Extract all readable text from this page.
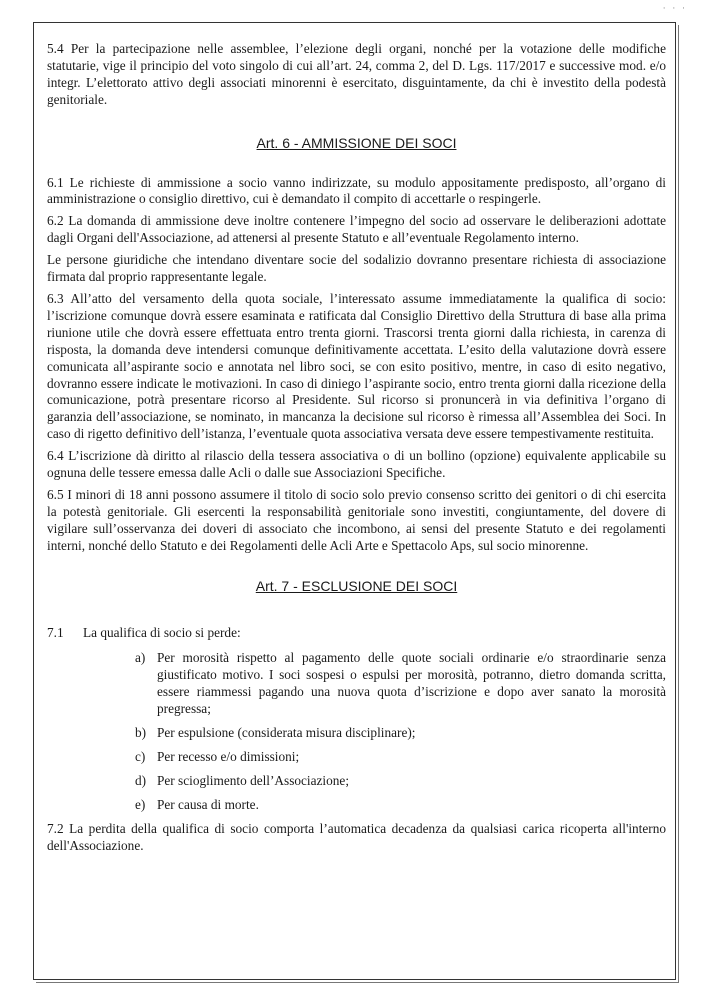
· · ·

5.4 Per la partecipazione nelle assemblee, l’elezione degli organi, nonché per la votazione delle modifiche statutarie, vige il principio del voto singolo di cui all’art. 24, comma 2, del D. Lgs. 117/2017 e successive mod. e/o integr. L’elettorato attivo degli associati minorenni è esercitato, disguintamente, da chi è investito della podestà genitoriale.

Art. 6 - AMMISSIONE DEI SOCI

6.1 Le richieste di ammissione a socio vanno indirizzate, su modulo appositamente predisposto, all’organo di amministrazione o consiglio direttivo, cui è demandato il compito di accettarle o respingerle.

6.2 La domanda di ammissione deve inoltre contenere l’impegno del socio ad osservare le deliberazioni adottate dagli Organi dell'Associazione, ad attenersi al presente Statuto e all’eventuale Regolamento interno.

Le persone giuridiche che intendano diventare socie del sodalizio dovranno presentare richiesta di associazione firmata dal proprio rappresentante legale.

6.3 All’atto del versamento della quota sociale, l’interessato assume immediatamente la qualifica di socio: l’iscrizione comunque dovrà essere esaminata e ratificata dal Consiglio Direttivo della Struttura di base alla prima riunione utile che dovrà essere effettuata entro trenta giorni. Trascorsi trenta giorni dalla richiesta, in carenza di risposta, la domanda deve intendersi comunque definitivamente accettata. L’esito della valutazione dovrà essere comunicata all’aspirante socio e annotata nel libro soci, se con esito positivo, mentre, in caso di esito negativo, dovranno essere indicate le motivazioni. In caso di diniego l’aspirante socio, entro trenta giorni dalla ricezione della comunicazione, potrà presentare ricorso al Presidente. Sul ricorso si pronuncerà in via definitiva l’organo di garanzia dell’associazione, se nominato, in mancanza la decisione sul ricorso è rimessa all’Assemblea dei Soci. In caso di rigetto definitivo dell’istanza, l’eventuale quota associativa versata deve essere tempestivamente restituita.

6.4 L’iscrizione dà diritto al rilascio della tessera associativa o di un bollino (opzione) equivalente applicabile su ognuna delle tessere emessa dalle Acli o dalle sue Associazioni Specifiche.

6.5 I minori di 18 anni possono assumere il titolo di socio solo previo consenso scritto dei genitori o di chi esercita la potestà genitoriale. Gli esercenti la responsabilità genitoriale sono investiti, congiuntamente, del dovere di vigilare sull’osservanza dei doveri di associato che incombono, ai sensi del presente Statuto e dei regolamenti interni, nonché dello Statuto e dei Regolamenti delle Acli Arte e Spettacolo Aps, sul socio minorenne.

Art. 7 - ESCLUSIONE DEI SOCI
7.1	La qualifica di socio si perde:
a) Per morosità rispetto al pagamento delle quote sociali ordinarie e/o straordinarie senza giustificato motivo. I soci sospesi o espulsi per morosità, potranno, dietro domanda scritta, essere riammessi pagando una nuova quota d’iscrizione e dopo aver sanato la morosità pregressa;
b) Per espulsione (considerata misura disciplinare);
c) Per recesso e/o dimissioni;
d) Per scioglimento dell’Associazione;
e) Per causa di morte.

7.2 La perdita della qualifica di socio comporta l’automatica decadenza da qualsiasi carica ricoperta all'interno dell'Associazione.
